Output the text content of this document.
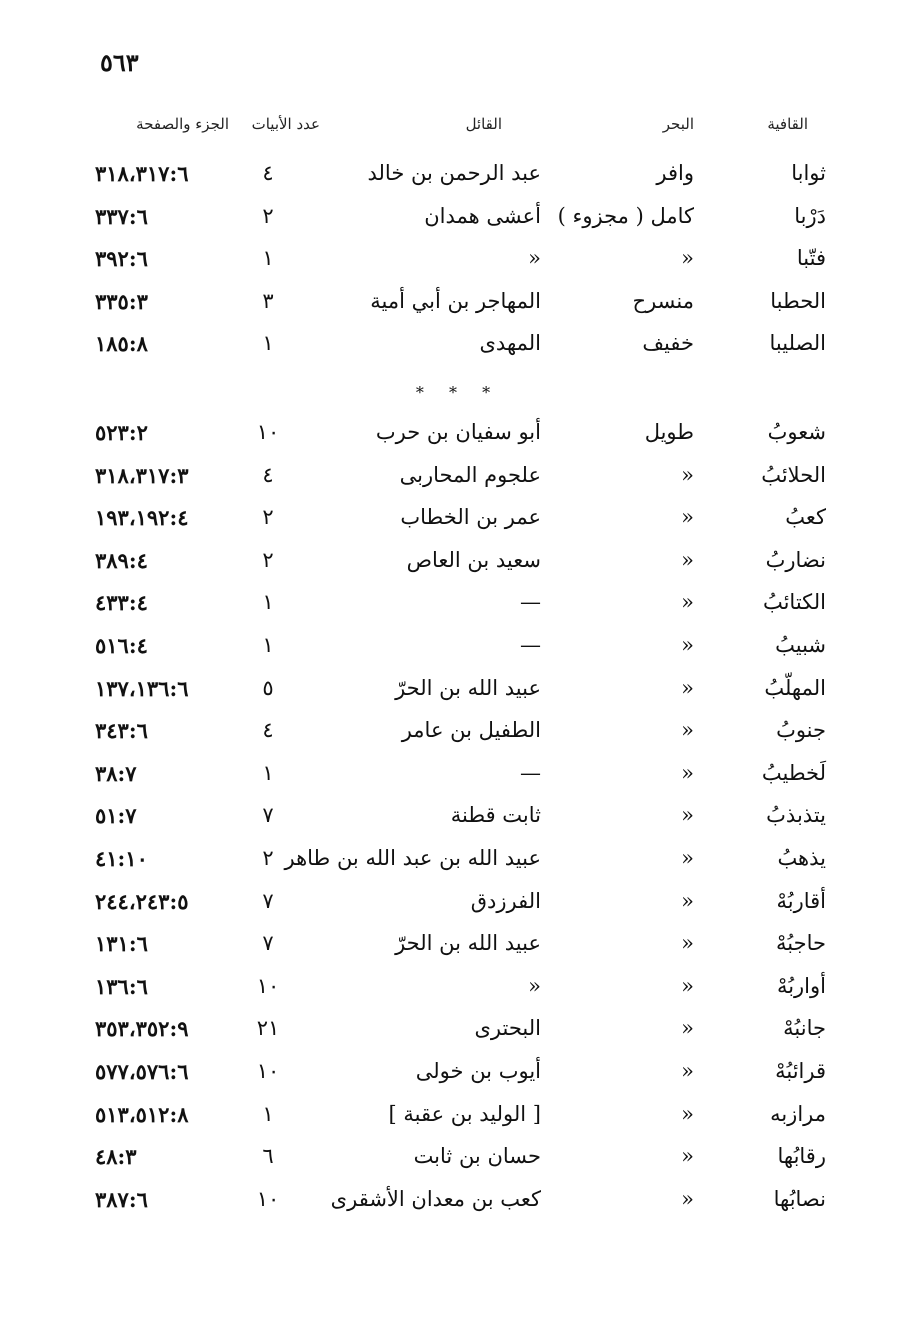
٥٦٣
القافية
البحر
القائل
عدد الأبيات
الجزء والصفحة
ثوابا
وافر
عبد الرحمن بن خالد
٤
٣١٨،٣١٧:٦
دَرْبا
كامل ( مجزوء )
أعشى همدان
٢
٣٣٧:٦
فتّبا
«
«
١
٣٩٢:٦
الحطبا
منسرح
المهاجر بن أبي أمية
٣
٣٣٥:٣
الصليبا
خفيف
المهدى
١
١٨٥:٨
شعوبُ
طويل
أبو سفيان بن حرب
١٠
٥٢٣:٢
الحلائبُ
«
علجوم المحاربى
٤
٣١٨،٣١٧:٣
كعبُ
«
عمر بن الخطاب
٢
١٩٣،١٩٢:٤
نضاربُ
«
سعيد بن العاص
٢
٣٨٩:٤
الكتائبُ
«
—
١
٤٣٣:٤
شبيبُ
«
—
١
٥١٦:٤
المهلّبُ
«
عبيد الله بن الحرّ
٥
١٣٧،١٣٦:٦
جنوبُ
«
الطفيل بن عامر
٤
٣٤٣:٦
لَخطيبُ
«
—
١
٣٨:٧
يتذبذبُ
«
ثابت قطنة
٧
٥١:٧
يذهبُ
«
عبيد الله بن عبد الله بن طاهر
٢
٤١:١٠
أقاربُهْ
«
الفرزدق
٧
٢٤٤،٢٤٣:٥
حاجبُهْ
«
عبيد الله بن الحرّ
٧
١٣١:٦
أواربُهْ
«
«
١٠
١٣٦:٦
جانبُهْ
«
البحترى
٢١
٣٥٣،٣٥٢:٩
قرائبُهْ
«
أيوب بن خولى
١٠
٥٧٧،٥٧٦:٦
مرازبه
«
[ الوليد بن عقبة ]
١
٥١٣،٥١٢:٨
رقابُها
«
حسان بن ثابت
٦
٤٨:٣
نصابُها
«
كعب بن معدان الأشقرى
١٠
٣٨٧:٦
* * *
